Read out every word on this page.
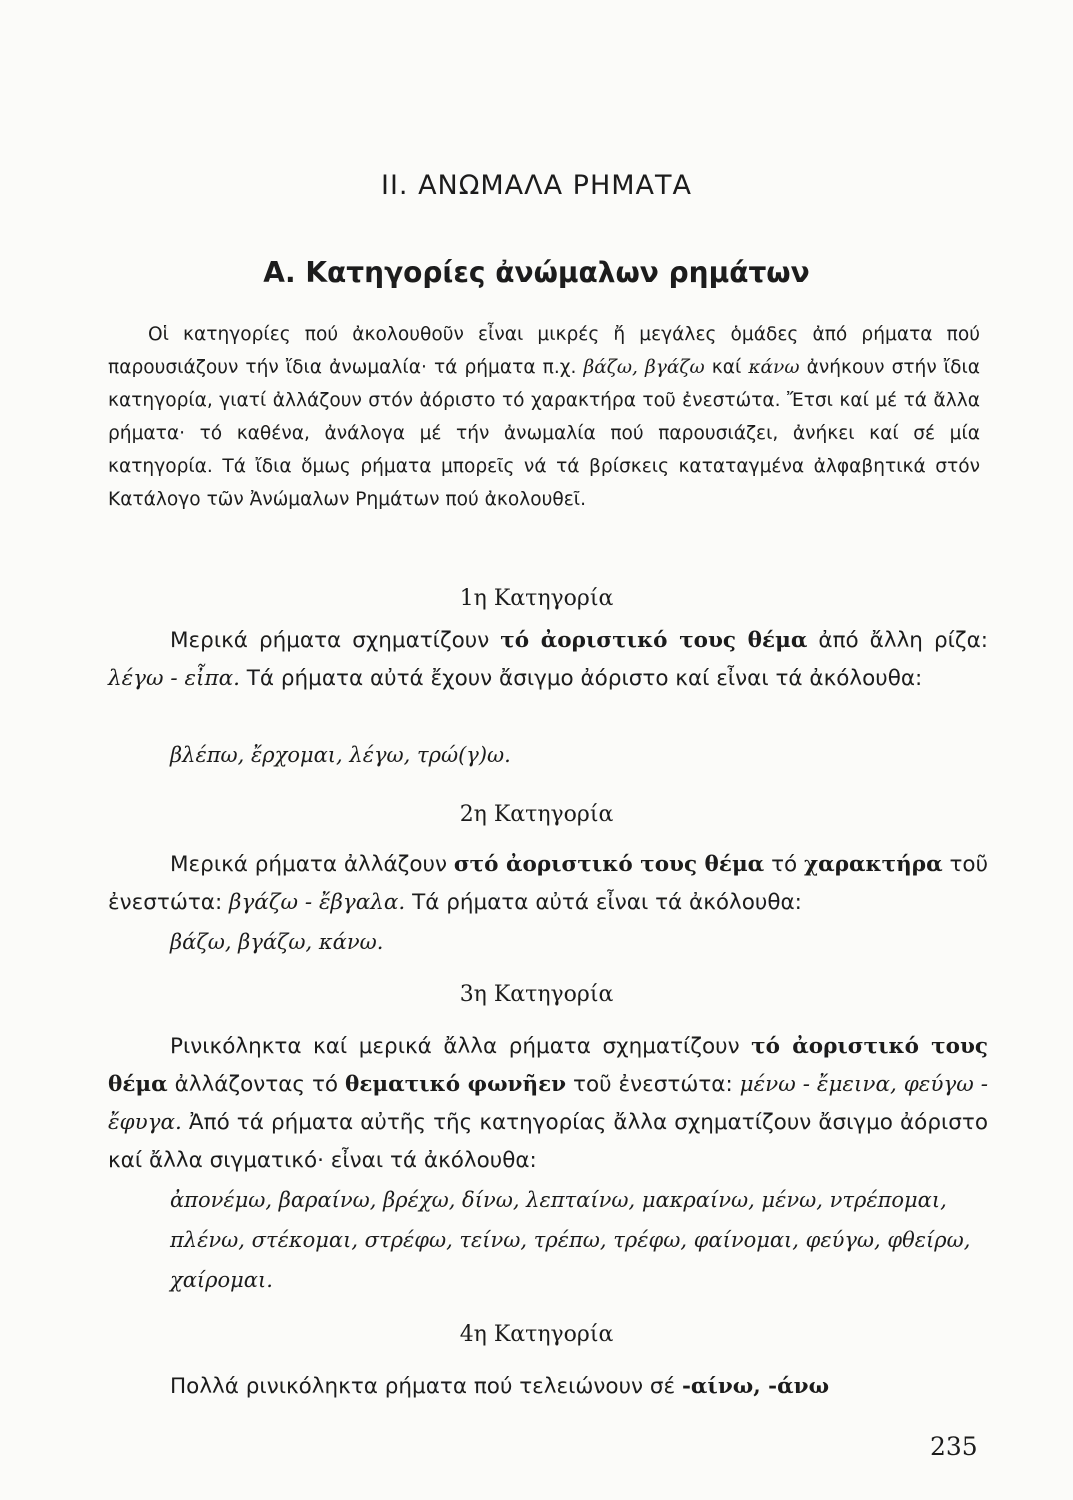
II. ΑΝΩΜΑΛΑ ΡΗΜΑΤΑ
Α. Κατηγορίες ἀνώμαλων ρημάτων
Οἱ κατηγορίες πού ἀκολουθοῦν εἶναι μικρές ἤ μεγάλες ὁμάδες ἀπό ρήματα πού παρουσιάζουν τήν ἴδια ἀνωμαλία· τά ρήματα π.χ. βάζω, βγάζω καί κάνω ἀνήκουν στήν ἴδια κατηγορία, γιατί ἀλλάζουν στόν ἀόριστο τό χαρακτήρα τοῦ ἐνεστώτα. Ἔτσι καί μέ τά ἄλλα ρήματα· τό καθένα, ἀνάλογα μέ τήν ἀνωμαλία πού παρουσιάζει, ἀνήκει καί σέ μία κατηγορία. Τά ἴδια ὅμως ρήματα μπορεῖς νά τά βρίσκεις καταταγμένα ἀλφαβητικά στόν Κατάλογο τῶν Ἀνώμαλων Ρημάτων πού ἀκολουθεῖ.
1η Κατηγορία
Μερικά ρήματα σχηματίζουν τό ἀοριστικό τους θέμα ἀπό ἄλλη ρίζα: λέγω - εἶπα. Τά ρήματα αὐτά ἔχουν ἄσιγμο ἀόριστο καί εἶναι τά ἀκόλουθα:
βλέπω, ἔρχομαι, λέγω, τρώ(γ)ω.
2η Κατηγορία
Μερικά ρήματα ἀλλάζουν στό ἀοριστικό τους θέμα τό χαρακτήρα τοῦ ἐνεστώτα: βγάζω - ἔβγαλα. Τά ρήματα αὐτά εἶναι τά ἀκόλουθα:
βάζω, βγάζω, κάνω.
3η Κατηγορία
Ρινικόληκτα καί μερικά ἄλλα ρήματα σχηματίζουν τό ἀοριστικό τους θέμα ἀλλάζοντας τό θεματικό φωνῆεν τοῦ ἐνεστώτα: μένω - ἔμεινα, φεύγω - ἔφυγα. Ἀπό τά ρήματα αὐτῆς τῆς κατηγορίας ἄλλα σχηματίζουν ἄσιγμο ἀόριστο καί ἄλλα σιγματικό· εἶναι τά ἀκόλουθα:
ἀπονέμω, βαραίνω, βρέχω, δίνω, λεπταίνω, μακραίνω, μένω, ντρέπομαι, πλένω, στέκομαι, στρέφω, τείνω, τρέπω, τρέφω, φαίνομαι, φεύγω, φθείρω, χαίρομαι.
4η Κατηγορία
Πολλά ρινικόληκτα ρήματα πού τελειώνουν σέ -αίνω, -άνω
235
